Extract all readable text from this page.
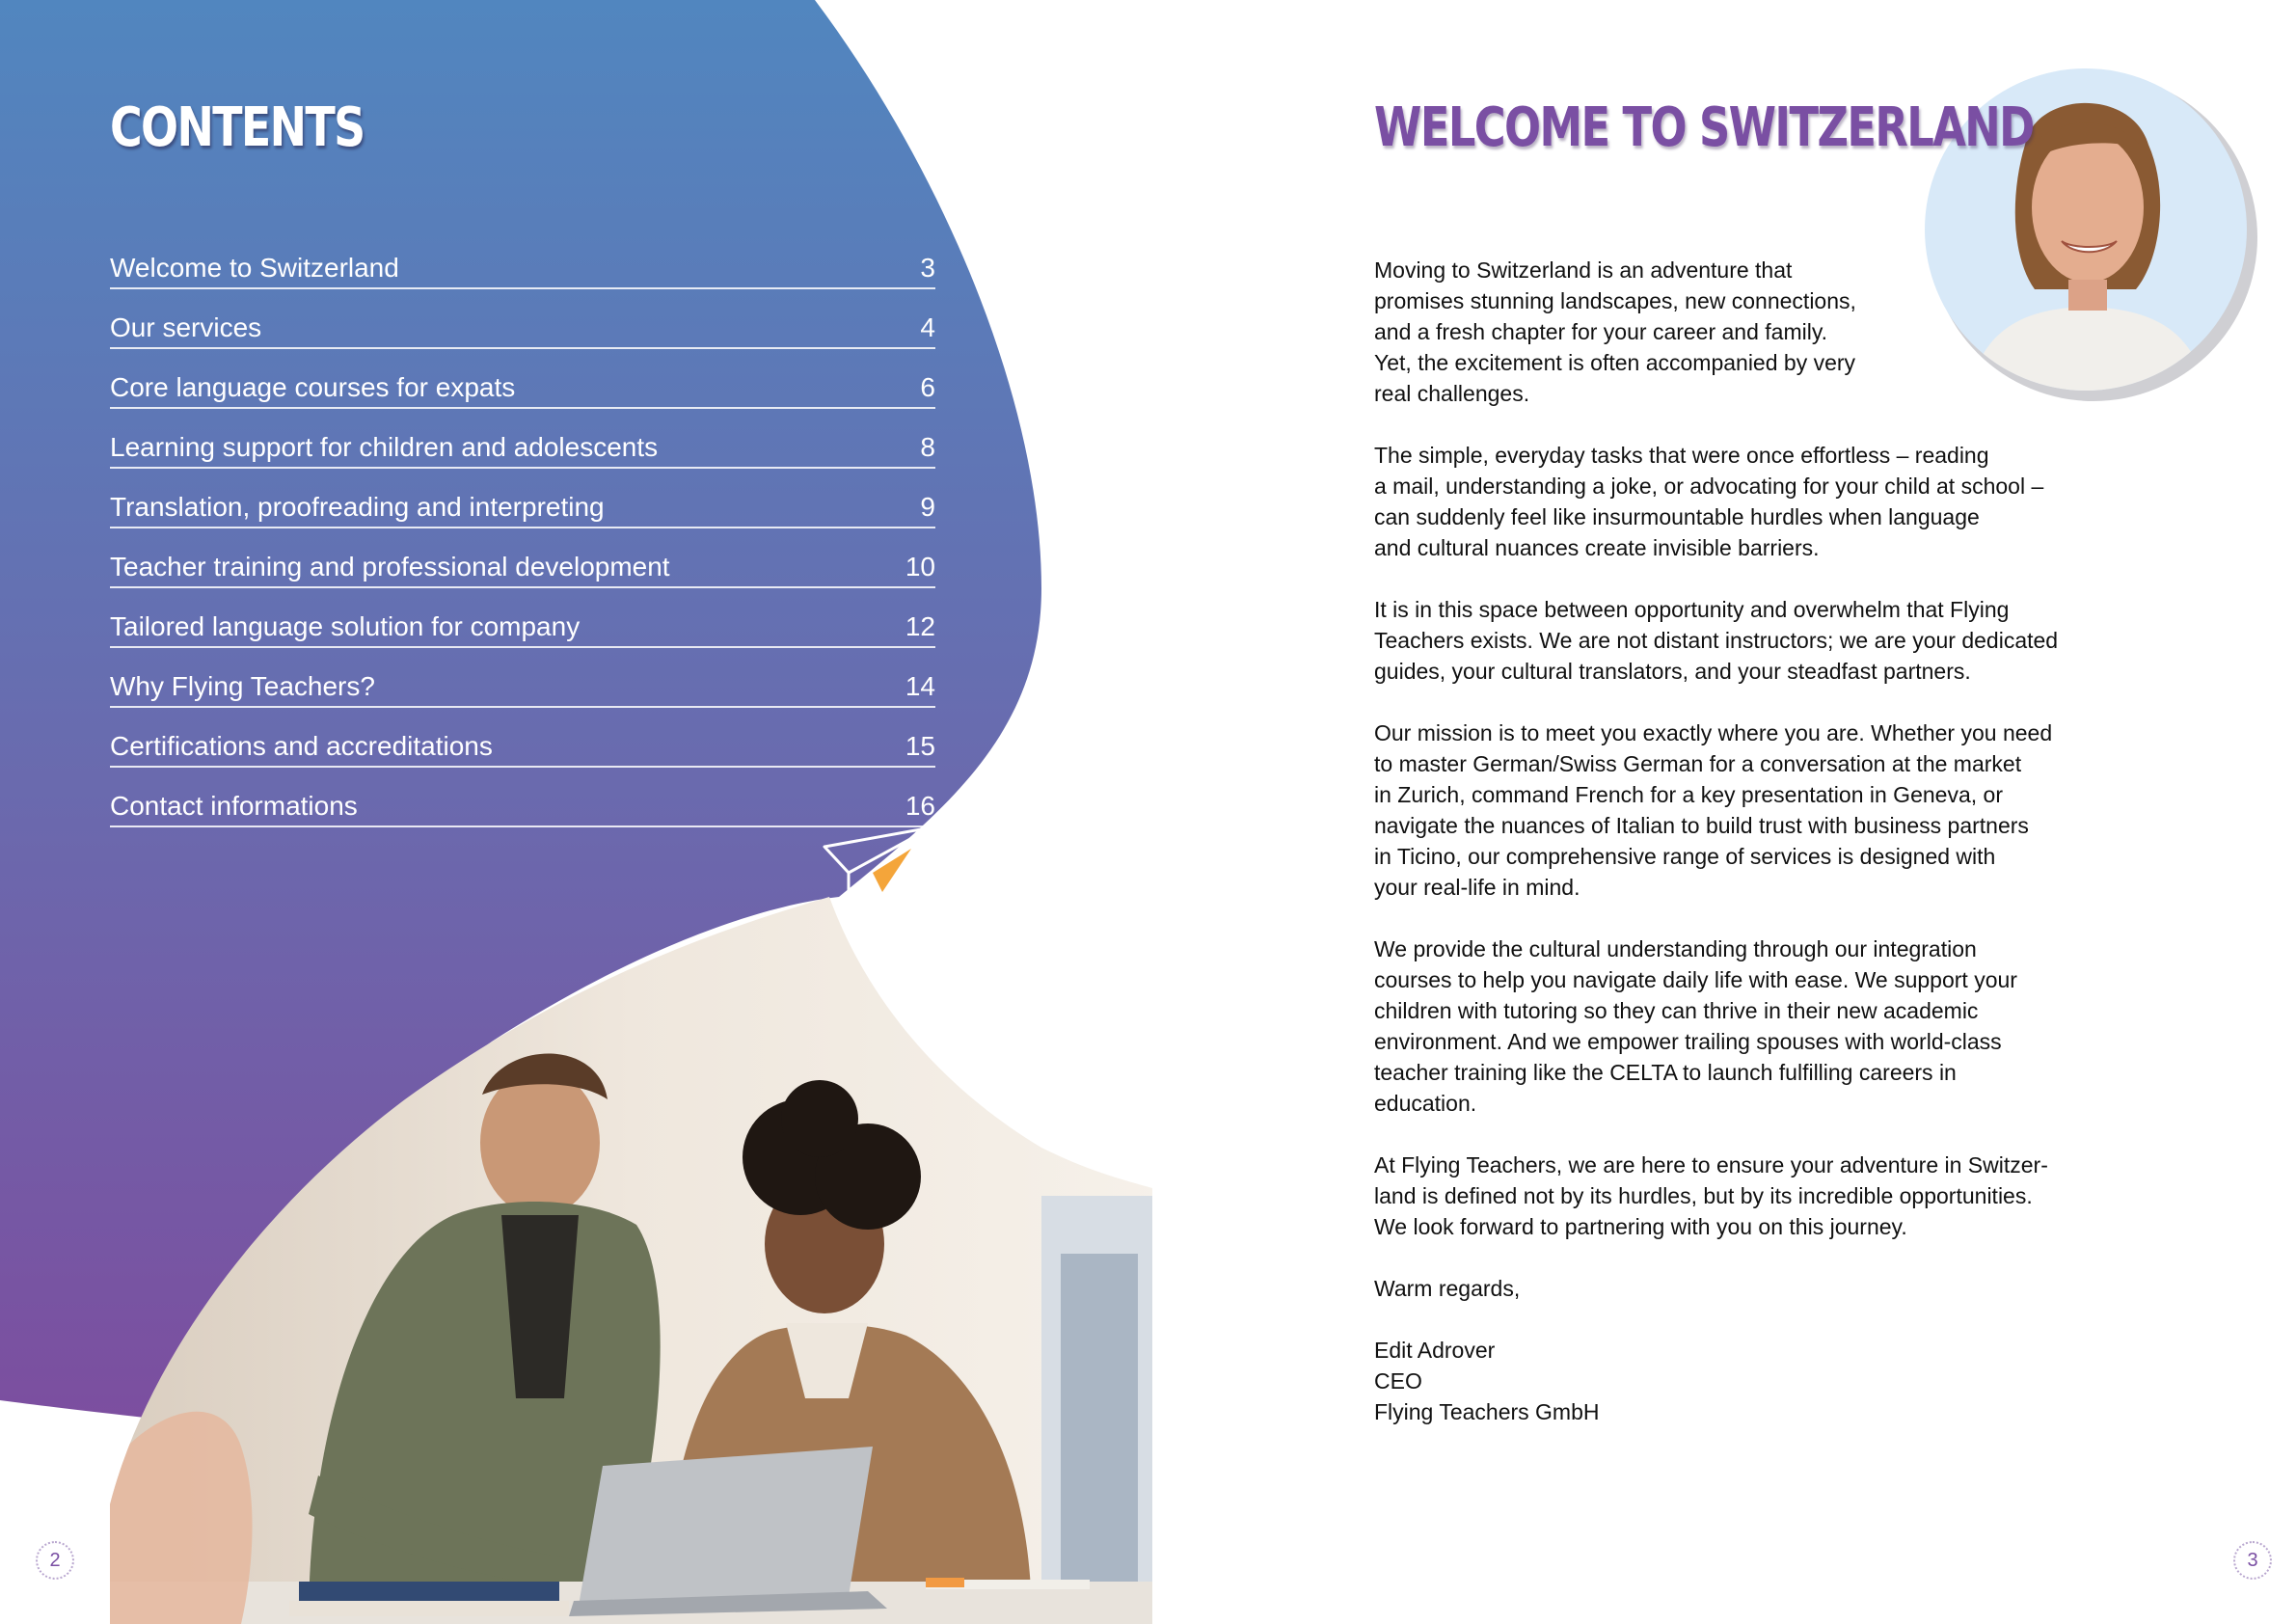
CONTENTS
Welcome to Switzerland	3
Our services	4
Core language courses for expats	6
Learning support for children and adolescents	8
Translation, proofreading and interpreting	9
Teacher training and professional development	10
Tailored language solution for company	12
Why Flying Teachers?	14
Certifications and accreditations	15
Contact informations	16
WELCOME TO SWITZERLAND

Moving to Switzerland is an adventure that
promises stunning landscapes, new connections,
and a fresh chapter for your career and family.
Yet, the excitement is often accompanied by very
real challenges.

The simple, everyday tasks that were once effortless – reading
a mail, understanding a joke, or advocating for your child at school –
can suddenly feel like insurmountable hurdles when language
and cultural nuances create invisible barriers.

It is in this space between opportunity and overwhelm that Flying
Teachers exists. We are not distant instructors; we are your dedicated
guides, your cultural translators, and your steadfast partners.

Our mission is to meet you exactly where you are. Whether you need
to master German/Swiss German for a conversation at the market
in Zurich, command French for a key presentation in Geneva, or
navigate the nuances of Italian to build trust with business partners
in Ticino, our comprehensive range of services is designed with
your real-life in mind.

We provide the cultural understanding through our integration
courses to help you navigate daily life with ease. We support your
children with tutoring so they can thrive in their new academic
environment. And we empower trailing spouses with world-class
teacher training like the CELTA to launch fulfilling careers in
education.

At Flying Teachers, we are here to ensure your adventure in Switzer-
land is defined not by its hurdles, but by its incredible opportunities.
We look forward to partnering with you on this journey.

Warm regards,

Edit Adrover

CEO

Flying Teachers GmbH

2	3
